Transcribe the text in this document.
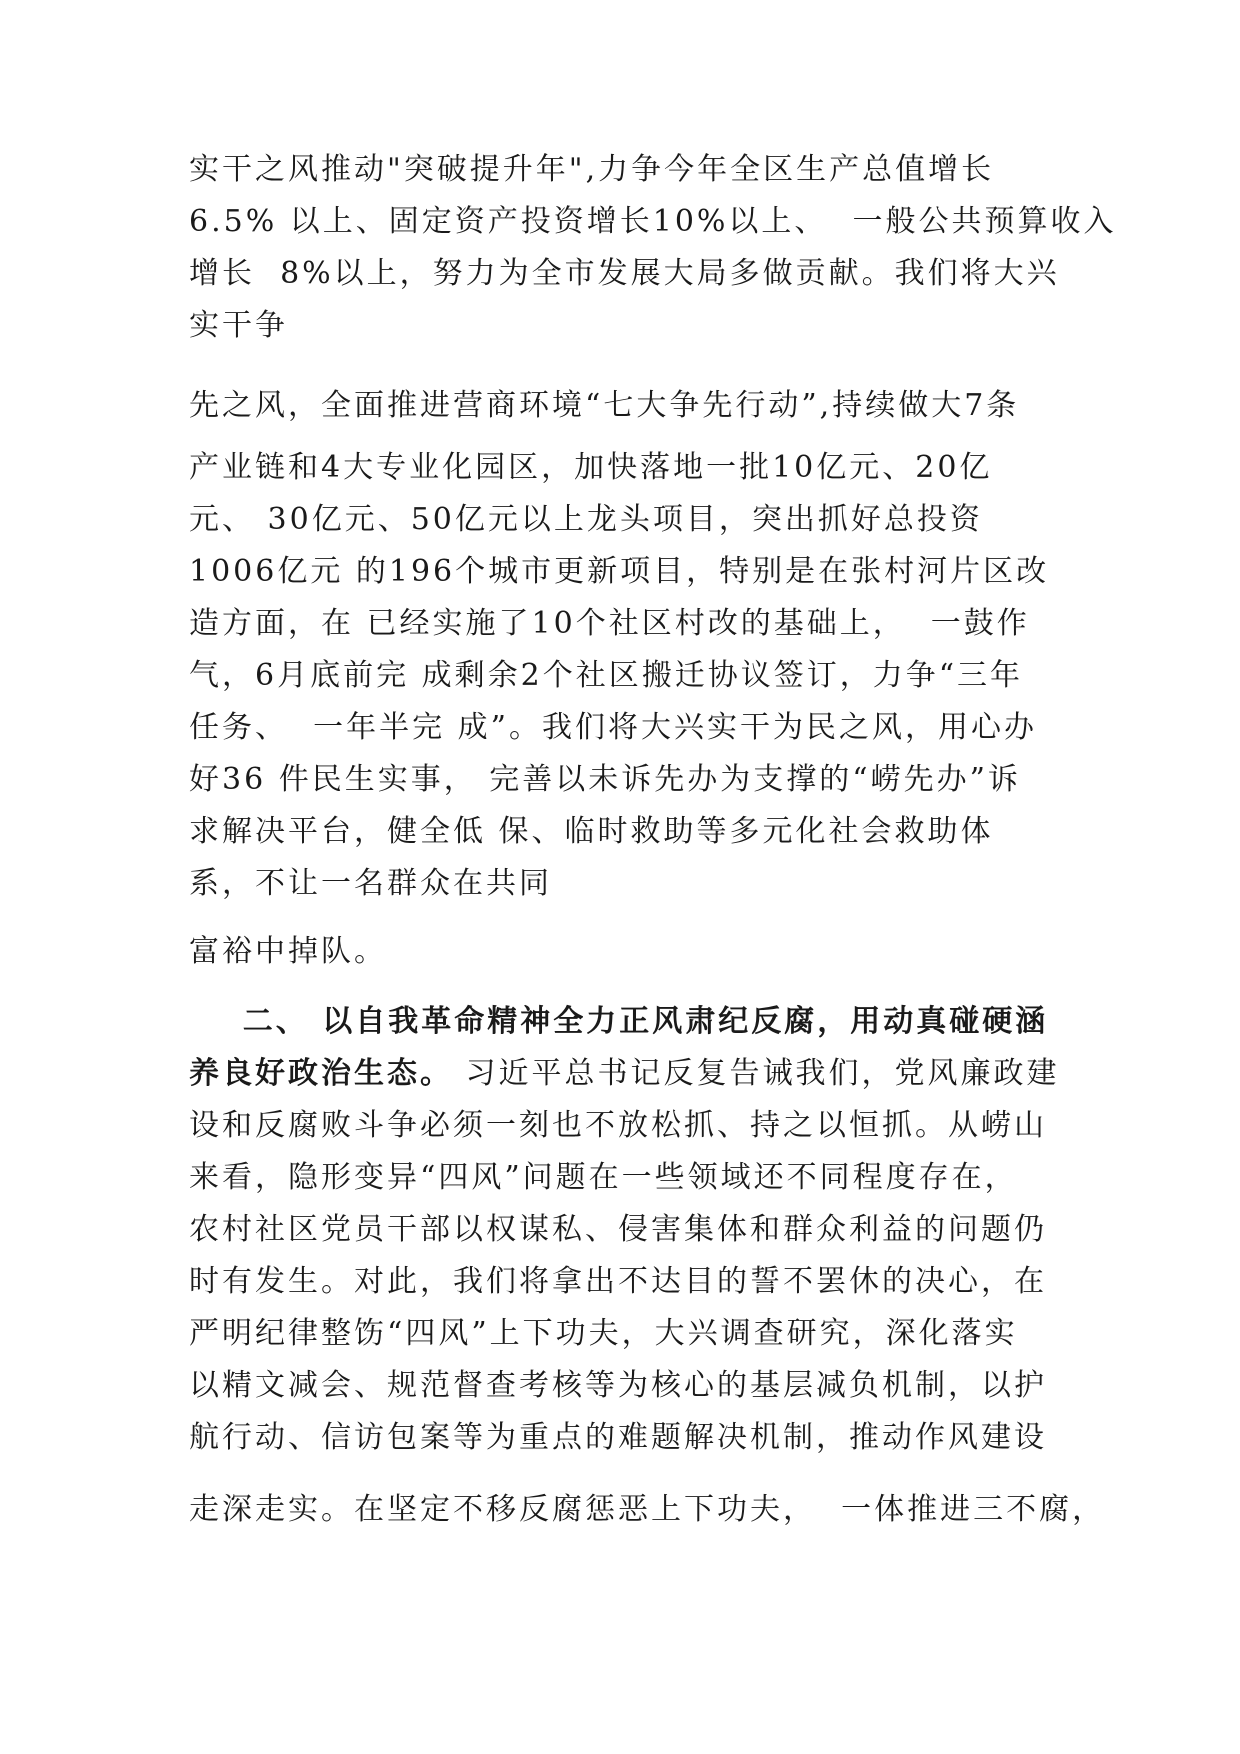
实干之风推动"突破提升年",力争今年全区生产总值增长
6.5% 以上、固定资产投资增长10%以上、  一般公共预算收入
增长  8%以上，努力为全市发展大局多做贡献。我们将大兴
实干争
先之风，全面推进营商环境“七大争先行动”,持续做大7条
产业链和4大专业化园区，加快落地一批10亿元、20亿
元、 30亿元、50亿元以上龙头项目，突出抓好总投资
1006亿元 的196个城市更新项目，特别是在张村河片区改
造方面，在 已经实施了10个社区村改的基础上，  一鼓作
气，6月底前完 成剩余2个社区搬迁协议签订，力争“三年
任务、  一年半完 成”。我们将大兴实干为民之风，用心办
好36 件民生实事， 完善以未诉先办为支撑的“崂先办”诉
求解决平台，健全低 保、临时救助等多元化社会救助体
系，不让一名群众在共同
富裕中掉队。
二、 以自我革命精神全力正风肃纪反腐，用动真碰硬涵
养良好政治生态。 习近平总书记反复告诫我们，党风廉政建
设和反腐败斗争必须一刻也不放松抓、持之以恒抓。从崂山
来看，隐形变异“四风”问题在一些领域还不同程度存在，
农村社区党员干部以权谋私、侵害集体和群众利益的问题仍
时有发生。对此，我们将拿出不达目的誓不罢休的决心，在
严明纪律整饬“四风”上下功夫，大兴调查研究，深化落实
以精文减会、规范督查考核等为核心的基层减负机制，以护
航行动、信访包案等为重点的难题解决机制，推动作风建设
走深走实。在坚定不移反腐惩恶上下功夫，  一体推进三不腐，
